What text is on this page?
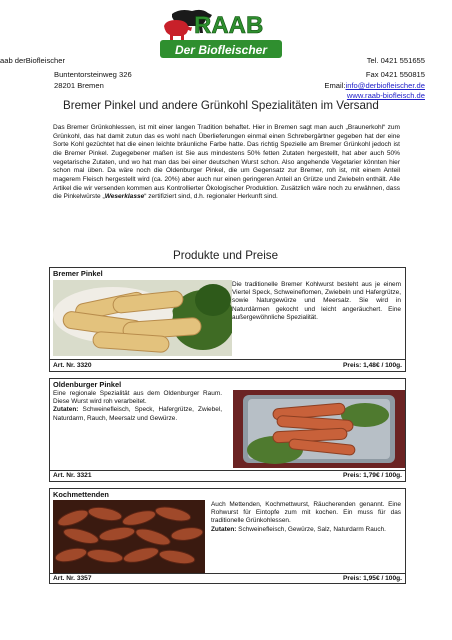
RAAB
Der Biofleischer
aab derBiofleischer	Tel. 0421 551655
Buntentorsteinweg 326	Fax 0421 550815
28201 Bremen	Email:info@derbiofleischer.de
www.raab-biofleisch.de
Bremer Pinkel und andere Grünkohl Spezialitäten im Versand
Das Bremer Grünkohlessen, ist mit einer langen Tradition behaftet. Hier in Bremen sagt man auch „Braunerkohl“ zum Grünkohl, das hat damit zutun das es wohl nach Überlieferungen einmal einen Schrebergärtner gegeben hat der eine Sorte Kohl gezüchtet hat die einen leichte bräunliche Farbe hatte. Das richtig Spezielle am Bremer Grünkohl jedoch ist die Bremer Pinkel. Zugegebener maßen ist Sie aus mindestens 50% fetten Zutaten hergestellt, hat aber auch 50% vegetarische Zutaten, und wo hat man das bei einer deutschen Wurst schon. Also angehende Vegetarier könnten hier schon mal üben. Da wäre noch die Oldenburger Pinkel, die um Gegensatz zur Bremer, roh ist, mit einem Anteil magerem Fleisch hergestellt wird (ca. 20%) aber auch nur einen geringeren Anteil an Grütze und Zwiebeln enthält. Alle Artikel die wir versenden kommen aus Kontrollierter Ökologischer Produktion. Zusätzlich wäre noch zu erwähnen, dass die Pinkelwürste „Weserklasse“ zertifiziert sind, d.h. regionaler Herkunft sind.
Produkte und Preise
Bremer Pinkel
Die traditionelle Bremer Kohlwurst besteht aus je einem Viertel Speck, Schweineflomen, Zwiebeln und Hafergrütze, sowie Naturgewürze und Meersalz. Sie wird in Naturdärmen gekocht und leicht angeräuchert. Eine außergewöhnliche Spezialität.
Art. Nr. 3320	Preis: 1,48€ / 100g.
Oldenburger Pinkel
Eine regionale Spezialität aus dem Oldenburger Raum. Diese Wurst wird roh verarbeitet.
Zutaten: Schweinefleisch, Speck, Hafergrütze, Zwiebel, Naturdarm, Rauch, Meersalz und Gewürze.
Art. Nr. 3321	Preis: 1,79€ / 100g.
Kochmettenden
Auch Mettenden, Kochmettwurst, Räucherenden genannt. Eine Rohwurst für Eintopfe zum mit kochen. Ein muss für das traditionelle Grünkohlessen.
Zutaten: Schweinefleisch, Gewürze, Salz, Naturdarm Rauch.
Art. Nr. 3357	Preis: 1,95€ / 100g.
